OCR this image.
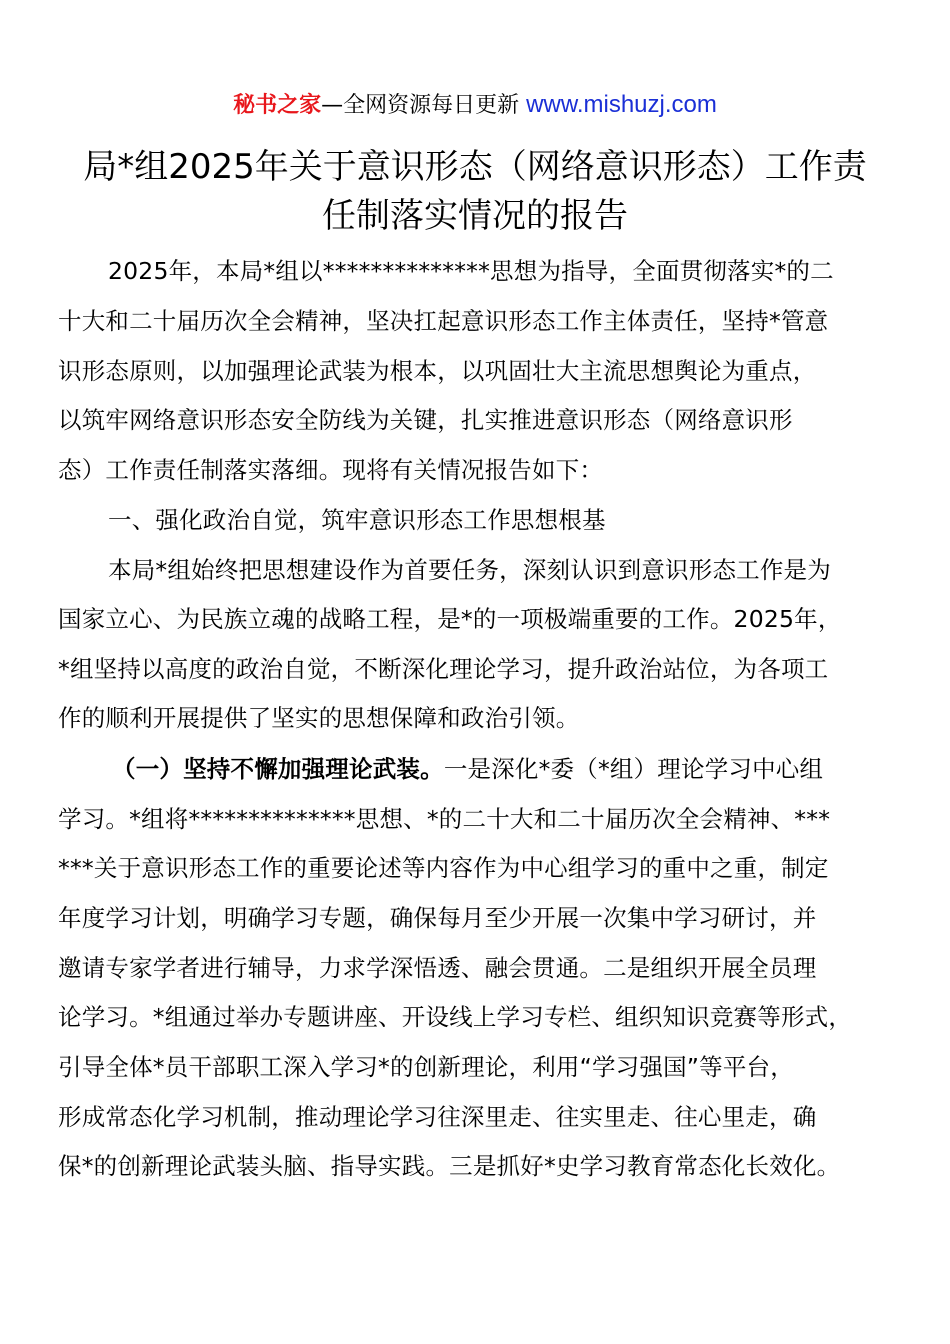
秘书之家—全网资源每日更新 www.mishuzj.com
局*组2025年关于意识形态（网络意识形态）工作责
任制落实情况的报告
2025年，本局*组以**************思想为指导，全面贯彻落实*的二
十大和二十届历次全会精神，坚决扛起意识形态工作主体责任，坚持*管意
识形态原则，以加强理论武装为根本，以巩固壮大主流思想舆论为重点，
以筑牢网络意识形态安全防线为关键，扎实推进意识形态（网络意识形
态）工作责任制落实落细。现将有关情况报告如下：
一、强化政治自觉，筑牢意识形态工作思想根基
本局*组始终把思想建设作为首要任务，深刻认识到意识形态工作是为
国家立心、为民族立魂的战略工程，是*的一项极端重要的工作。2025年，
*组坚持以高度的政治自觉，不断深化理论学习，提升政治站位，为各项工
作的顺利开展提供了坚实的思想保障和政治引领。
（一）坚持不懈加强理论武装。一是深化*委（*组）理论学习中心组
学习。*组将**************思想、*的二十大和二十届历次全会精神、***
***关于意识形态工作的重要论述等内容作为中心组学习的重中之重，制定
年度学习计划，明确学习专题，确保每月至少开展一次集中学习研讨，并
邀请专家学者进行辅导，力求学深悟透、融会贯通。二是组织开展全员理
论学习。*组通过举办专题讲座、开设线上学习专栏、组织知识竞赛等形式，
引导全体*员干部职工深入学习*的创新理论，利用“学习强国”等平台，
形成常态化学习机制，推动理论学习往深里走、往实里走、往心里走，确
保*的创新理论武装头脑、指导实践。三是抓好*史学习教育常态化长效化。
